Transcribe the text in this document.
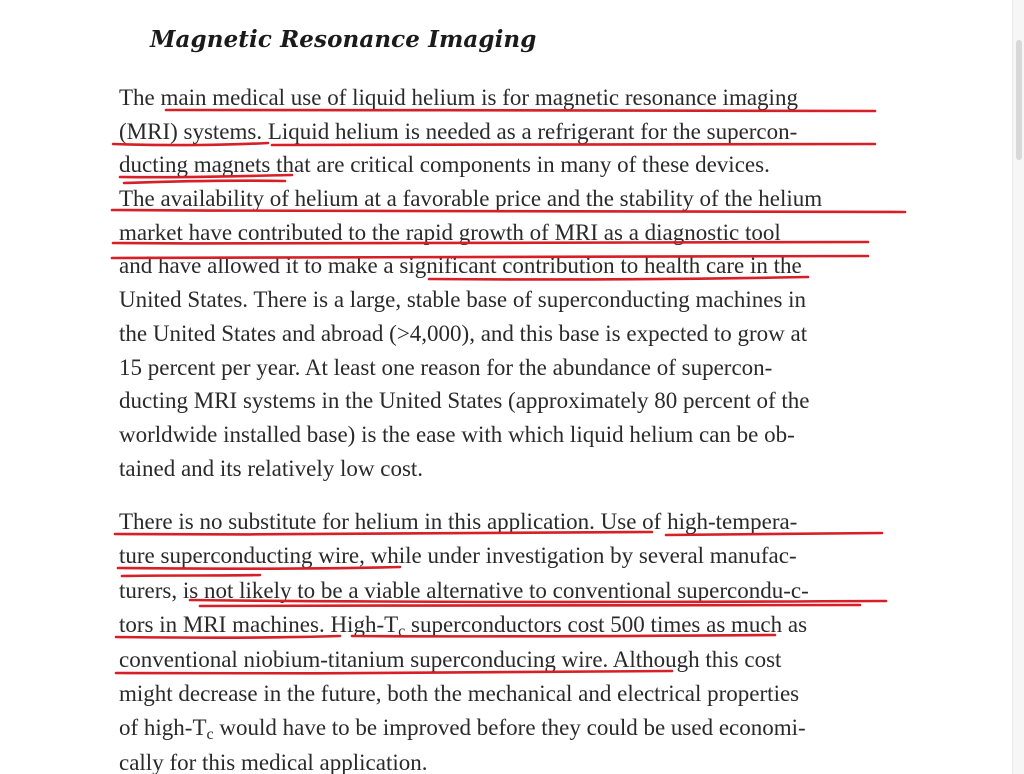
Magnetic Resonance Imaging

The main medical use of liquid helium is for magnetic resonance imaging
(MRI) systems. Liquid helium is needed as a refrigerant for the supercon-
ducting magnets that are critical components in many of these devices.
The availability of helium at a favorable price and the stability of the helium
market have contributed to the rapid growth of MRI as a diagnostic tool
and have allowed it to make a significant contribution to health care in the
United States. There is a large, stable base of superconducting machines in
the United States and abroad (>4,000), and this base is expected to grow at
15 percent per year. At least one reason for the abundance of supercon-
ducting MRI systems in the United States (approximately 80 percent of the
worldwide installed base) is the ease with which liquid helium can be ob-
tained and its relatively low cost.

There is no substitute for helium in this application. Use of high-tempera-
ture superconducting wire, while under investigation by several manufac-
turers, is not likely to be a viable alternative to conventional supercondu-c-
tors in MRI machines. High-$T_c$ superconductors cost 500 times as much as
conventional niobium-titanium superconducing wire. Although this cost
might decrease in the future, both the mechanical and electrical properties
of high-$T_c$ would have to be improved before they could be used economi-
cally for this medical application.
